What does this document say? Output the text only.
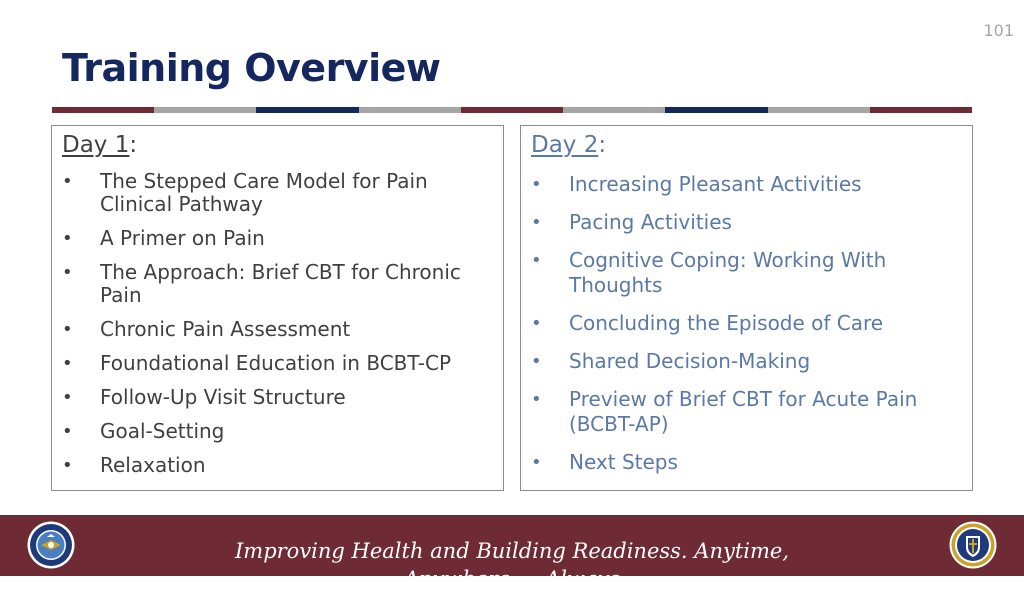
101
Training Overview
Day 1:
• The Stepped Care Model for Pain Clinical Pathway
• A Primer on Pain
• The Approach: Brief CBT for Chronic Pain
• Chronic Pain Assessment
• Foundational Education in BCBT-CP
• Follow-Up Visit Structure
• Goal-Setting
• Relaxation
Day 2:
• Increasing Pleasant Activities
• Pacing Activities
• Cognitive Coping: Working With Thoughts
• Concluding the Episode of Care
• Shared Decision-Making
• Preview of Brief CBT for Acute Pain (BCBT-AP)
• Next Steps

Improving Health and Building Readiness. Anytime, Anywhere — Always
